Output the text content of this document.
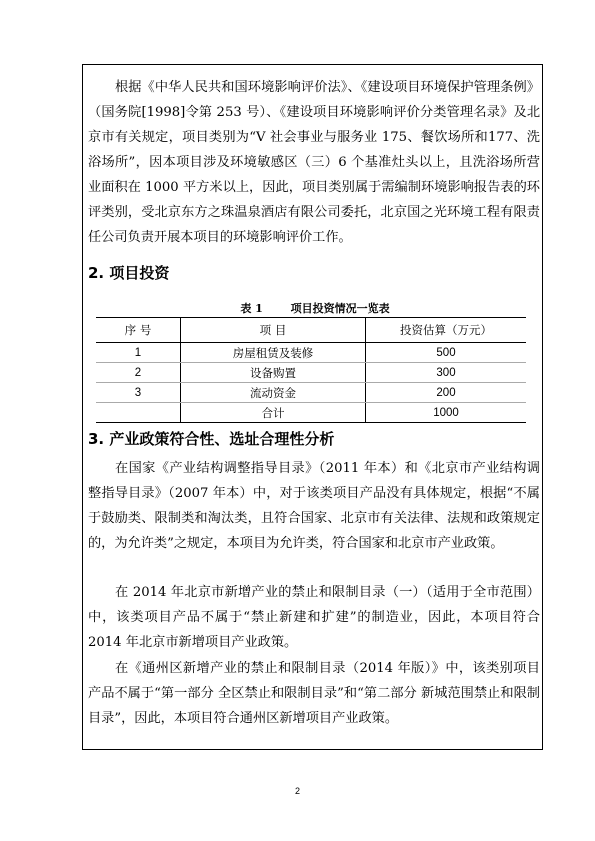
根据《中华人民共和国环境影响评价法》、《建设项目环境保护管理条例》（国务院[1998]令第 253 号）、《建设项目环境影响评价分类管理名录》及北京市有关规定，项目类别为“V 社会事业与服务业 175、餐饮场所和177、洗浴场所”，因本项目涉及环境敏感区（三）6 个基准灶头以上，且洗浴场所营业面积在 1000 平方米以上，因此，项目类别属于需编制环境影响报告表的环评类别，受北京东方之珠温泉酒店有限公司委托，北京国之光环境工程有限责任公司负责开展本项目的环境影响评价工作。

2. 项目投资
表 1	项目投资情况一览表
序 号	项 目	投资估算（万元）
1	房屋租赁及装修	500
2	设备购置	300
3	流动资金	200
	合计	1000
3. 产业政策符合性、选址合理性分析

在国家《产业结构调整指导目录》（2011 年本）和《北京市产业结构调整指导目录》（2007 年本）中，对于该类项目产品没有具体规定，根据“不属于鼓励类、限制类和淘汰类，且符合国家、北京市有关法律、法规和政策规定的，为允许类”之规定，本项目为允许类，符合国家和北京市产业政策。

在 2014 年北京市新增产业的禁止和限制目录（一）（适用于全市范围）中，该类项目产品不属于“禁止新建和扩建”的制造业，因此，本项目符合2014 年北京市新增项目产业政策。

在《通州区新增产业的禁止和限制目录（2014 年版）》中，该类别项目产品不属于“第一部分 全区禁止和限制目录”和“第二部分 新城范围禁止和限制目录”，因此，本项目符合通州区新增项目产业政策。

2
